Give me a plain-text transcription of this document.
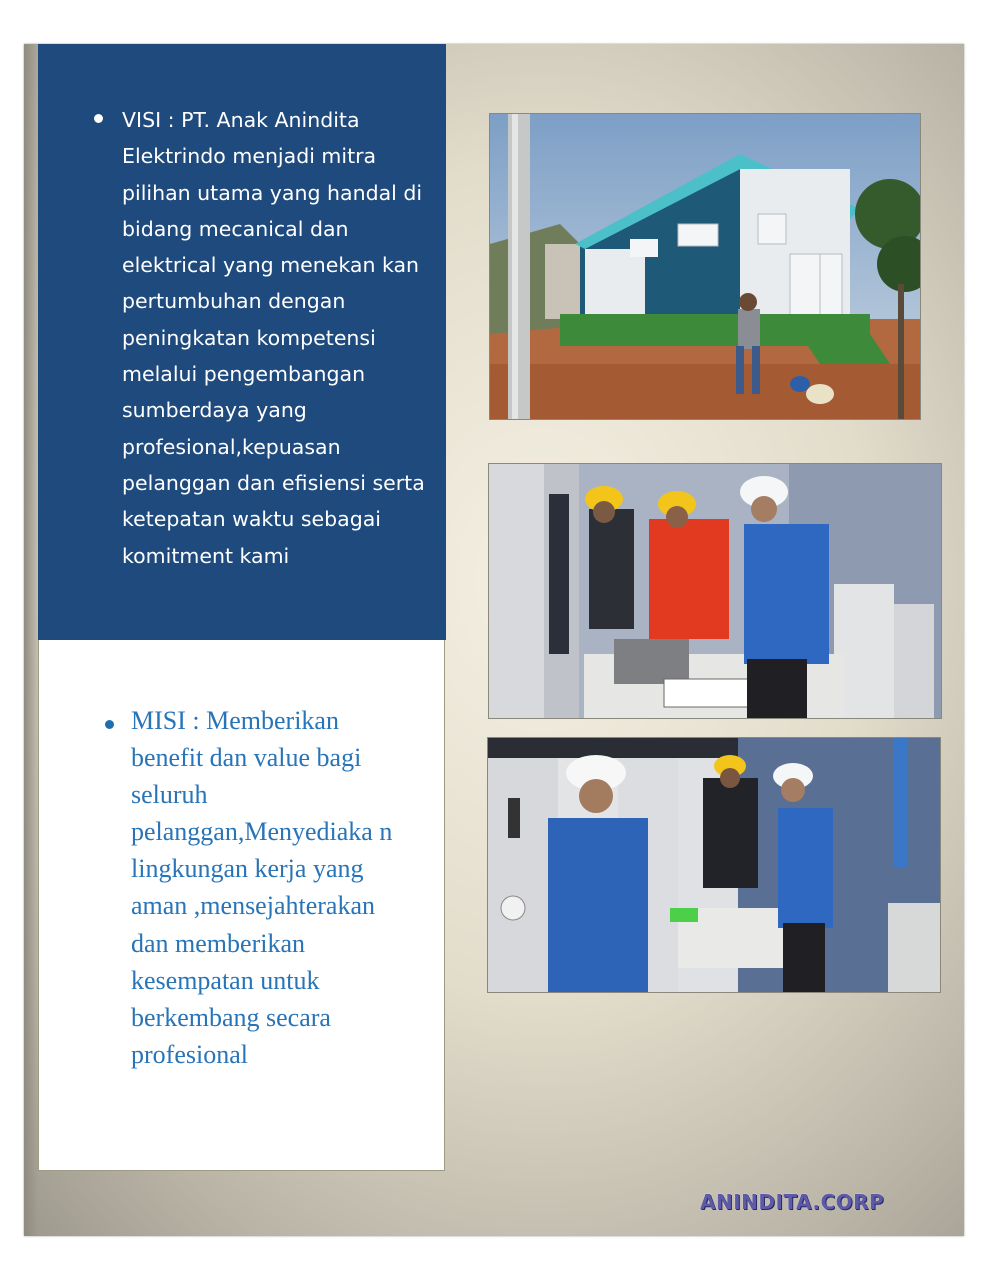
VISI : PT. Anak Anindita Elektrindo menjadi mitra pilihan utama yang handal di bidang mecanical dan elektrical yang menekan kan pertumbuhan dengan peningkatan kompetensi melalui pengembangan sumberdaya yang profesional,kepuasan pelanggan dan efisiensi serta ketepatan waktu sebagai komitment kami
MISI : Memberikan benefit dan value bagi seluruh pelanggan,Menyediaka n lingkungan kerja yang aman ,mensejahterakan dan memberikan kesempatan untuk berkembang secara profesional
ANINDITA.CORP
